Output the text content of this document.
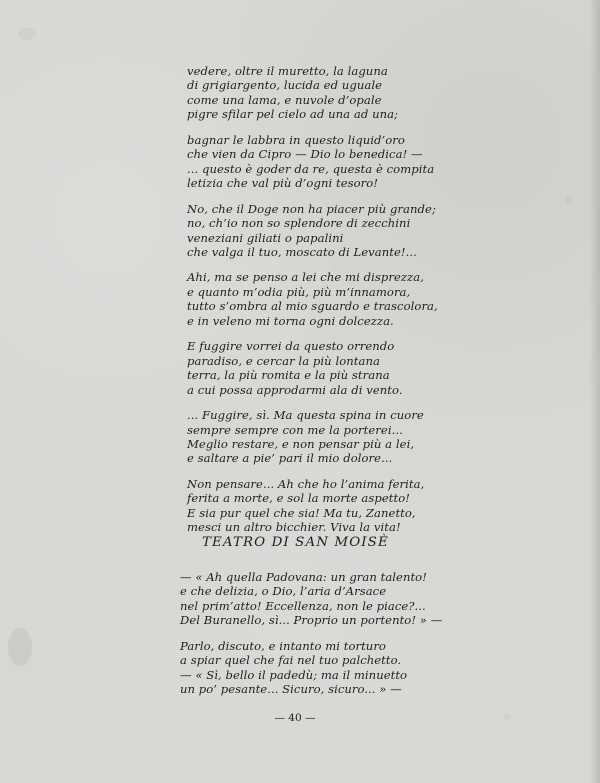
vedere, oltre il muretto, la laguna
di grigiargento, lucida ed uguale
come una lama, e nuvole d’opale
pigre sfilar pel cielo ad una ad una;
bagnar le labbra in questo liquid’oro
che vien da Cipro — Dio lo benedica! —
... questo è goder da re, questa è compita
letizia che val più d’ogni tesoro!
No, che il Doge non ha piacer più grande;
no, ch’io non so splendore di zecchini
veneziani giliati o papalini
che valga il tuo, moscato di Levante!...
Ahi, ma se penso a lei che mi disprezza,
e quanto m’odia più, più m’innamora,
tutto s’ombra al mio sguardo e trascolora,
e in veleno mi torna ogni dolcezza.
E fuggire vorrei da questo orrendo
paradiso, e cercar la più lontana
terra, la più romita e la più strana
a cui possa approdarmi ala di vento.
... Fuggire, sì. Ma questa spina in cuore
sempre sempre con me la porterei...
Meglio restare, e non pensar più a lei,
e saltare a pie’ pari il mio dolore...
Non pensare... Ah che ho l’anima ferita,
ferita a morte, e sol la morte aspetto!
E sia pur quel che sia! Ma tu, Zanetto,
mesci un altro bicchier. Viva la vita!
TEATRO DI SAN MOISÈ
— « Ah quella Padovana: un gran talento!
e che delizia, o Dio, l’aria d’Arsace
nel prim’atto! Eccellenza, non le piace?...
Del Buranello, sì... Proprio un portento! » —
Parlo, discuto, e intanto mi torturo
a spiar quel che fai nel tuo palchetto.
— « Sì, bello il padedù; ma il minuetto
un po’ pesante... Sicuro, sicuro... » —
— 40 —
